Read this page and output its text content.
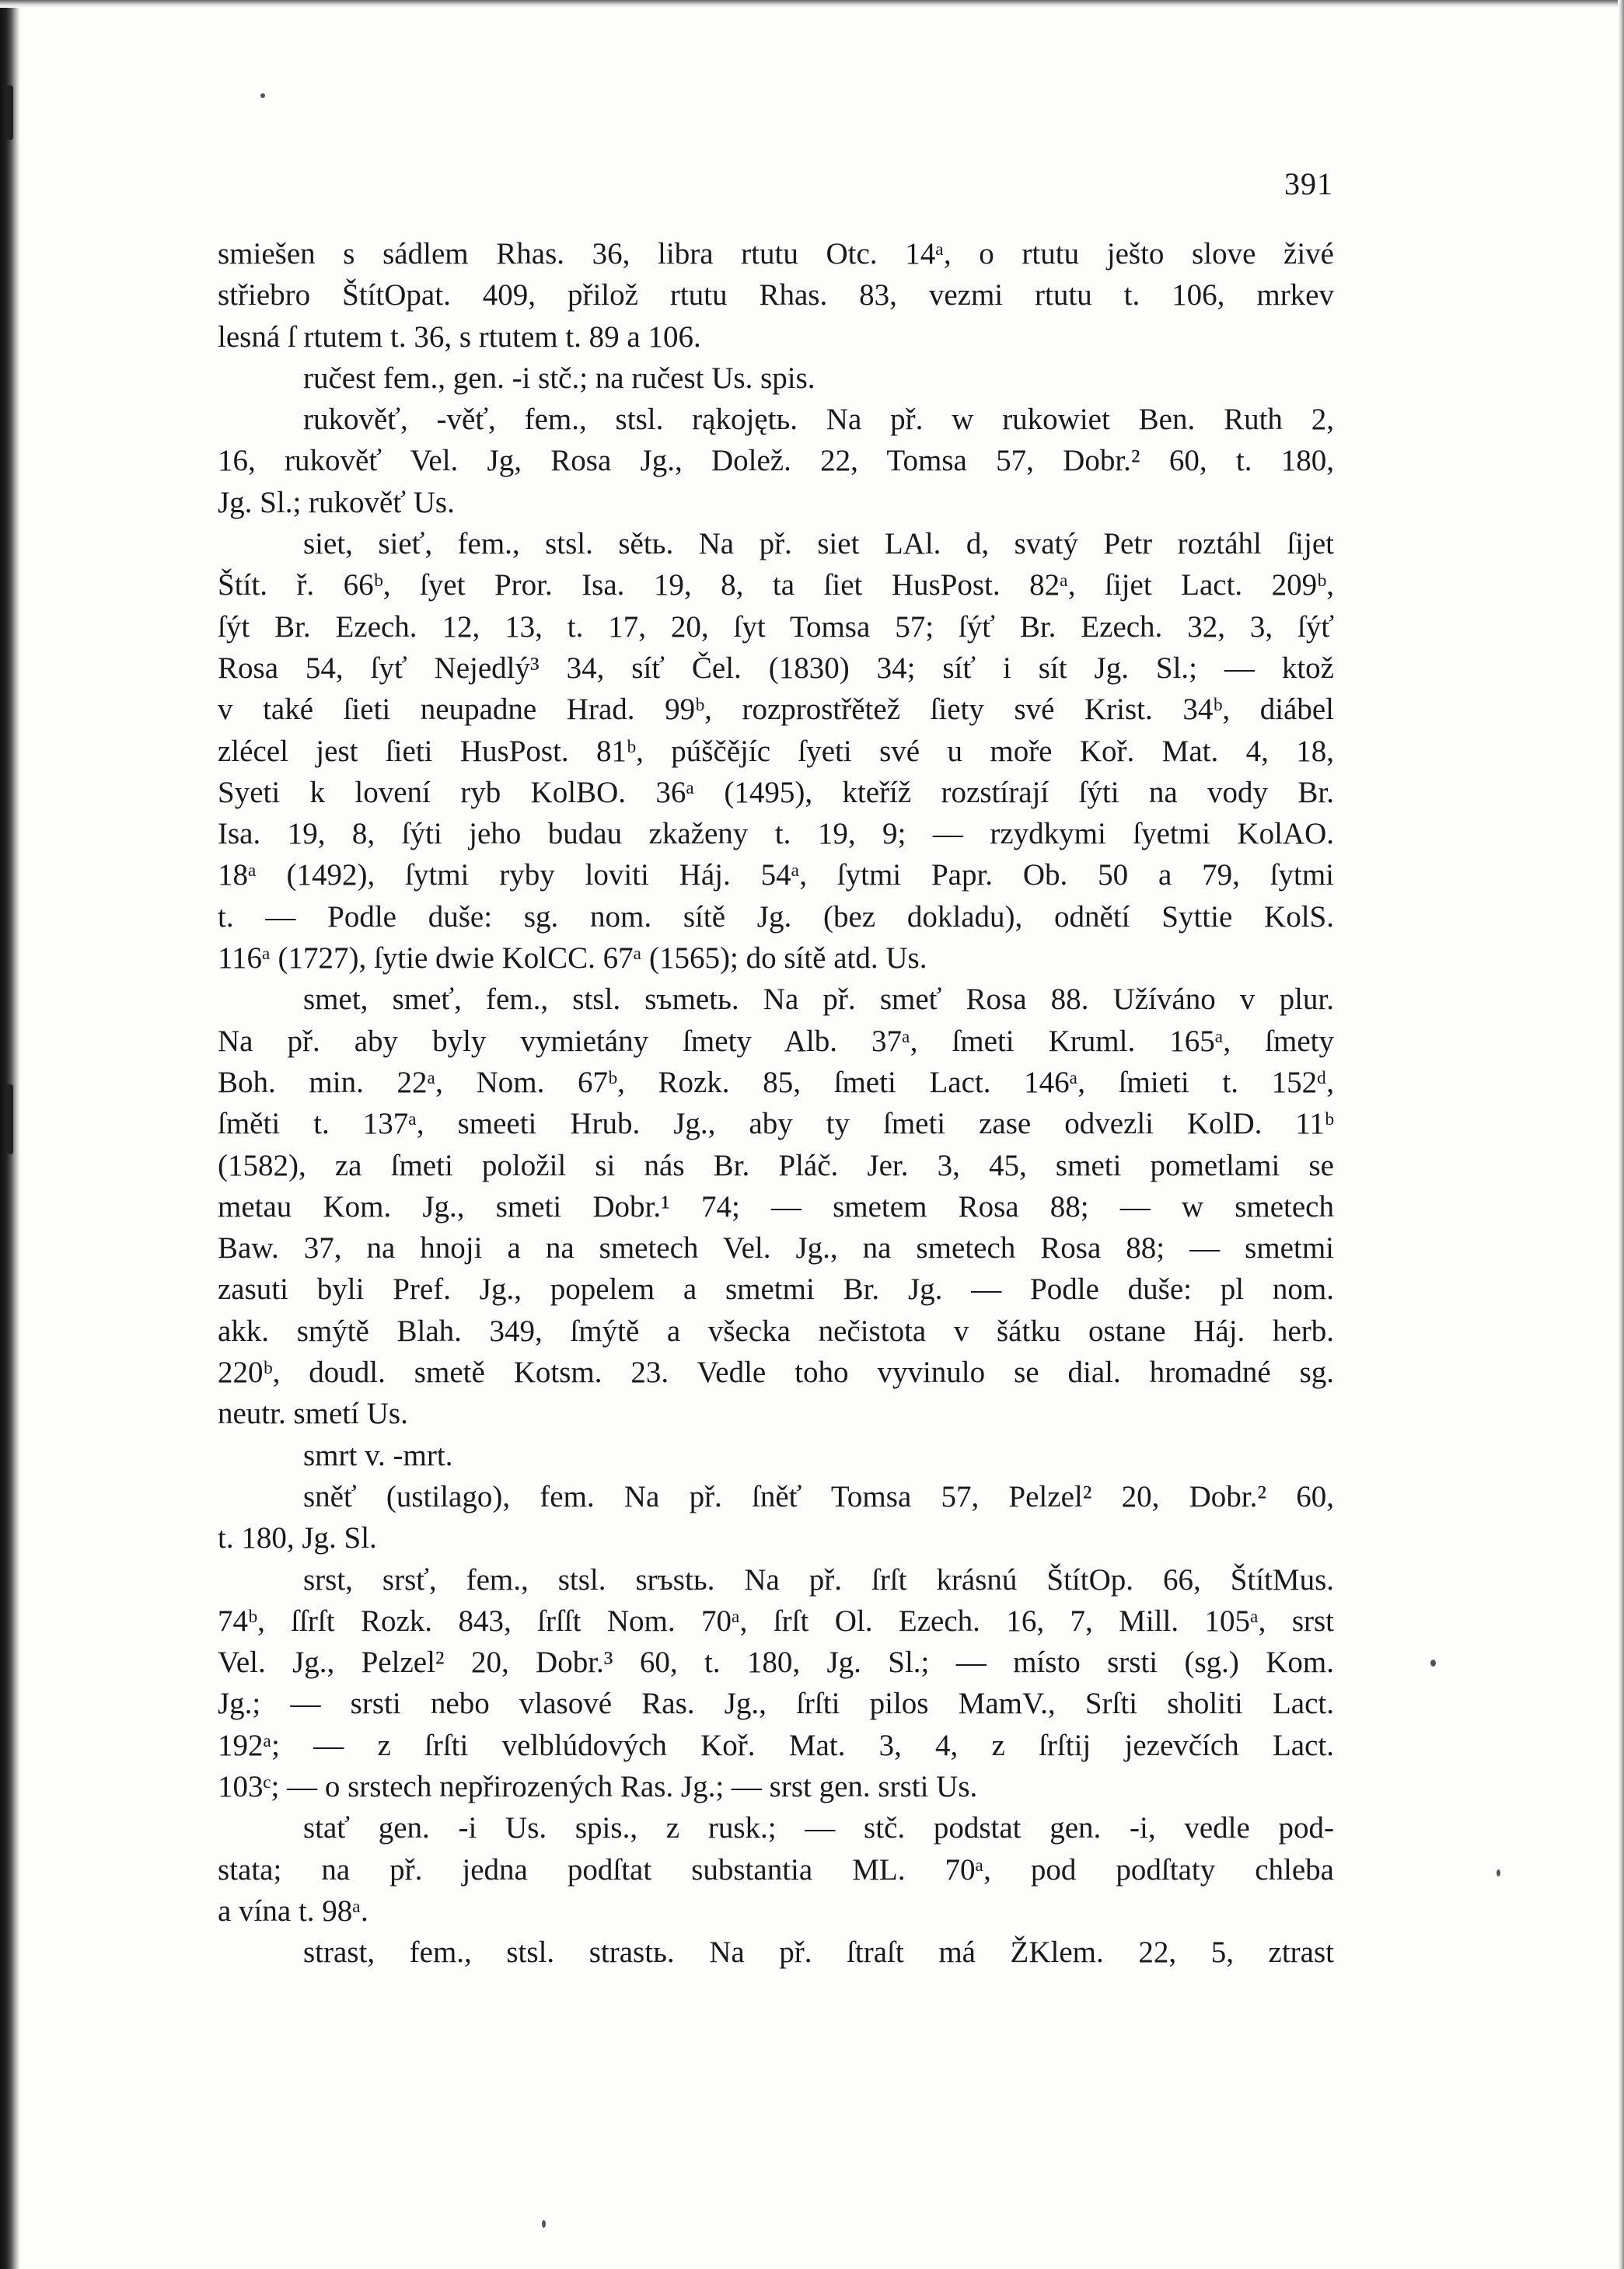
391
smiešen s sádlem Rhas. 36, libra rtutu Otc. 14ᵃ, o rtutu ješto slove živé
střiebro ŠtítOpat. 409, přilož rtutu Rhas. 83, vezmi rtutu t. 106, mrkev
lesná ſ rtutem t. 36, s rtutem t. 89 a 106.
ručest fem., gen. -i stč.; na ručest Us. spis.
rukověť, -věť, fem., stsl. rąkojętь. Na př. w rukowiet Ben. Ruth 2,
16, rukověť Vel. Jg, Rosa Jg., Dolež. 22, Tomsa 57, Dobr.² 60, t. 180,
Jg. Sl.; rukověť Us.
siet, sieť, fem., stsl. sětь. Na př. siet LAl. d, svatý Petr roztáhl ſijet
Štít. ř. 66ᵇ, ſyet Pror. Isa. 19, 8, ta ſiet HusPost. 82ᵃ, ſijet Lact. 209ᵇ,
ſýt Br. Ezech. 12, 13, t. 17, 20, ſyt Tomsa 57; ſýť Br. Ezech. 32, 3, ſýť
Rosa 54, ſyť Nejedlý³ 34, síť Čel. (1830) 34; síť i sít Jg. Sl.; — ktož
v také ſieti neupadne Hrad. 99ᵇ, rozprostřětež ſiety své Krist. 34ᵇ, diábel
zlécel jest ſieti HusPost. 81ᵇ, púščějíc ſyeti své u moře Koř. Mat. 4, 18,
Syeti k lovení ryb KolBO. 36ᵃ (1495), kteříž rozstírají ſýti na vody Br.
Isa. 19, 8, ſýti jeho budau zkaženy t. 19, 9; — rzydkymi ſyetmi KolAO.
18ᵃ (1492), ſytmi ryby loviti Háj. 54ᵃ, ſytmi Papr. Ob. 50 a 79, ſytmi
t. — Podle duše: sg. nom. sítě Jg. (bez dokladu), odnětí Syttie KolS.
116ᵃ (1727), ſytie dwie KolCC. 67ᵃ (1565); do sítě atd. Us.
smet, smeť, fem., stsl. sъmetь. Na př. smeť Rosa 88. Užíváno v plur.
Na př. aby byly vymietány ſmety Alb. 37ᵃ, ſmeti Kruml. 165ᵃ, ſmety
Boh. min. 22ᵃ, Nom. 67ᵇ, Rozk. 85, ſmeti Lact. 146ᵃ, ſmieti t. 152ᵈ,
ſměti t. 137ᵃ, smeeti Hrub. Jg., aby ty ſmeti zase odvezli KolD. 11ᵇ
(1582), za ſmeti položil si nás Br. Pláč. Jer. 3, 45, smeti pometlami se
metau Kom. Jg., smeti Dobr.¹ 74; — smetem Rosa 88; — w smetech
Baw. 37, na hnoji a na smetech Vel. Jg., na smetech Rosa 88; — smetmi
zasuti byli Pref. Jg., popelem a smetmi Br. Jg. — Podle duše: pl nom.
akk. smýtě Blah. 349, ſmýtě a všecka nečistota v šátku ostane Háj. herb.
220ᵇ, doudl. smetě Kotsm. 23. Vedle toho vyvinulo se dial. hromadné sg.
neutr. smetí Us.
smrt v. -mrt.
sněť (ustilago), fem. Na př. ſněť Tomsa 57, Pelzel² 20, Dobr.² 60,
t. 180, Jg. Sl.
srst, srsť, fem., stsl. srъstь. Na př. ſrſt krásnú ŠtítOp. 66, ŠtítMus.
74ᵇ, ſſrſt Rozk. 843, ſrſſt Nom. 70ᵃ, ſrſt Ol. Ezech. 16, 7, Mill. 105ᵃ, srst
Vel. Jg., Pelzel² 20, Dobr.³ 60, t. 180, Jg. Sl.; — místo srsti (sg.) Kom.
Jg.; — srsti nebo vlasové Ras. Jg., ſrſti pilos MamV., Srſti sholiti Lact.
192ᵃ; — z ſrſti velblúdových Koř. Mat. 3, 4, z ſrſtij jezevčích Lact.
103ᶜ; — o srstech nepřirozených Ras. Jg.; — srst gen. srsti Us.
stať gen. -i Us. spis., z rusk.; — stč. podstat gen. -i, vedle pod-
stata; na př. jedna podſtat substantia ML. 70ᵃ, pod podſtaty chleba
a vína t. 98ᵃ.
strast, fem., stsl. strastь. Na př. ſtraſt má ŽKlem. 22, 5, ztrast
